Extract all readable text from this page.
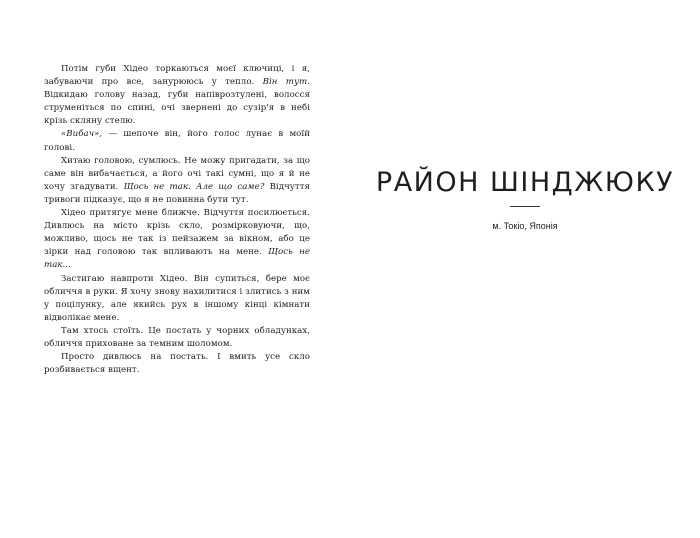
Потім губи Хідео торкаються моєї ключиці, і я, забуваючи про все, занурююсь у тепло. Він тут. Відкидаю голову назад, губи напіврозтулені, волосся струменіться по спині, очі звернені до сузір'я в небі крізь скляну стелю.

«Вибач», — шепоче він, його голос лунає в моїй голові.

Хитаю головою, сумлюсь. Не можу пригадати, за що саме він вибачається, а його очі такі сумні, що я й не хочу згадувати. Щось не так. Але що саме? Відчуття тривоги підказує, що я не повинна бути тут.

Хідео притягує мене ближче. Відчуття посилюється. Дивлюсь на місто крізь скло, розмірковуючи, що, можливо, щось не так із пейзажем за вікном, або це зірки над головою так впливають на мене. Щось не так...

Застигаю навпроти Хідео. Він супиться, бере моє обличчя в руки. Я хочу знову нахилитися і злитись з ним у поцілунку, але якийсь рух в іншому кінці кімнати відволікає мене.

Там хтось стоїть. Це постать у чорних обладунках, обличчя приховане за темним шоломом.

Просто дивлюсь на постать. І вмить усе скло розбивається вщент.

РАЙОН ШІНДЖЮКУ

м. Токіо, Японія
